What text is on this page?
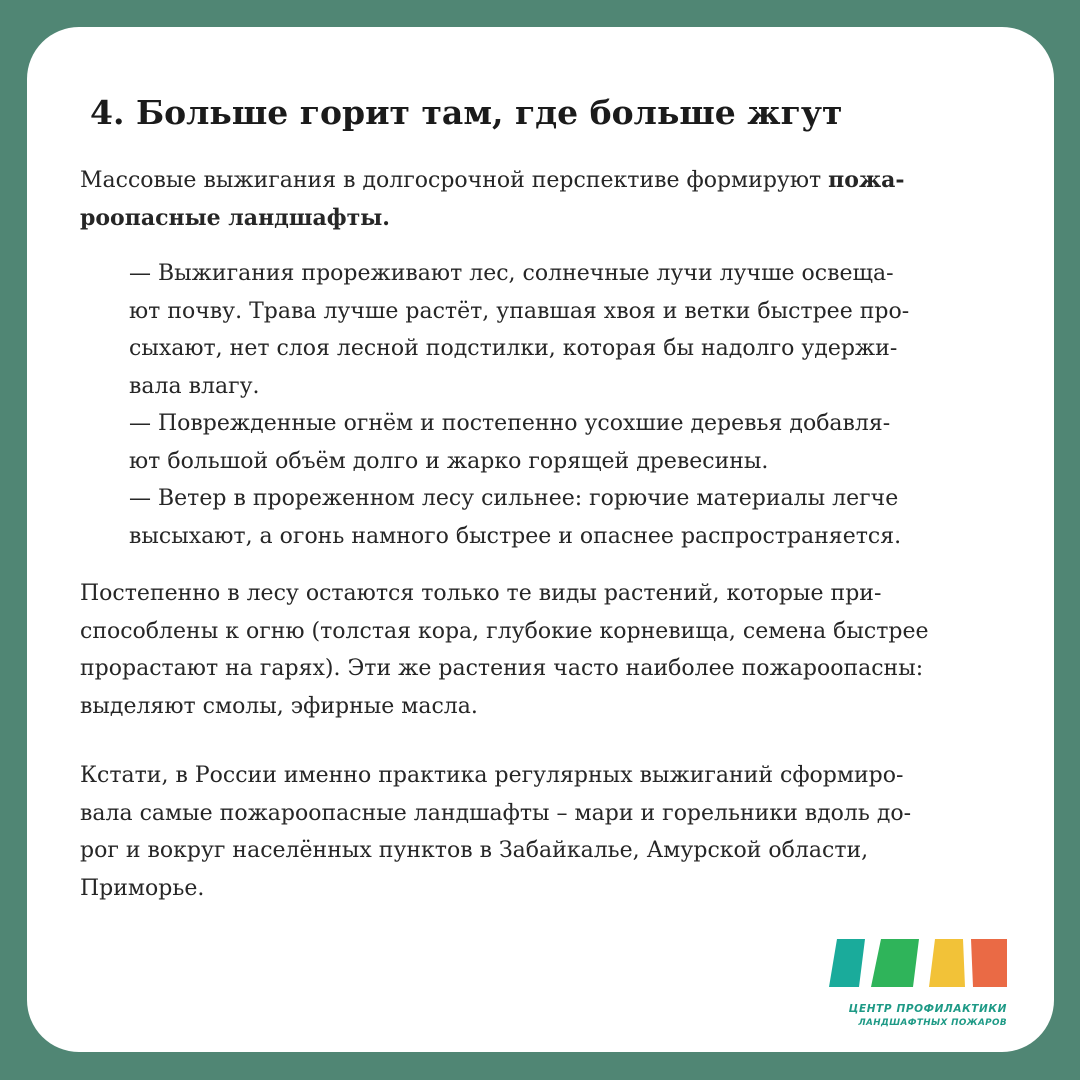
4. Больше горит там, где больше жгут

Массовые выжигания в долгосрочной перспективе формируют пожа-
роопасные ландшафты.

— Выжигания прореживают лес, солнечные лучи лучше освеща-
ют почву. Трава лучше растёт, упавшая хвоя и ветки быстрее про-
сыхают, нет слоя лесной подстилки, которая бы надолго удержи-
вала влагу.
— Поврежденные огнём и постепенно усохшие деревья добавля-
ют большой объём долго и жарко горящей древесины.
— Ветер в прореженном лесу сильнее: горючие материалы легче
высыхают, а огонь намного быстрее и опаснее распространяется.

Постепенно в лесу остаются только те виды растений, которые при-
способлены к огню (толстая кора, глубокие корневища, семена быстрее
прорастают на гарях). Эти же растения часто наиболее пожароопасны:
выделяют смолы, эфирные масла.

Кстати, в России именно практика регулярных выжиганий сформиро-
вала самые пожароопасные ландшафты – мари и горельники вдоль до-
рог и вокруг населённых пунктов в Забайкалье, Амурской области,
Приморье.

ЦЕНТР ПРОФИЛАКТИКИ
ЛАНДШАФТНЫХ ПОЖАРОВ
